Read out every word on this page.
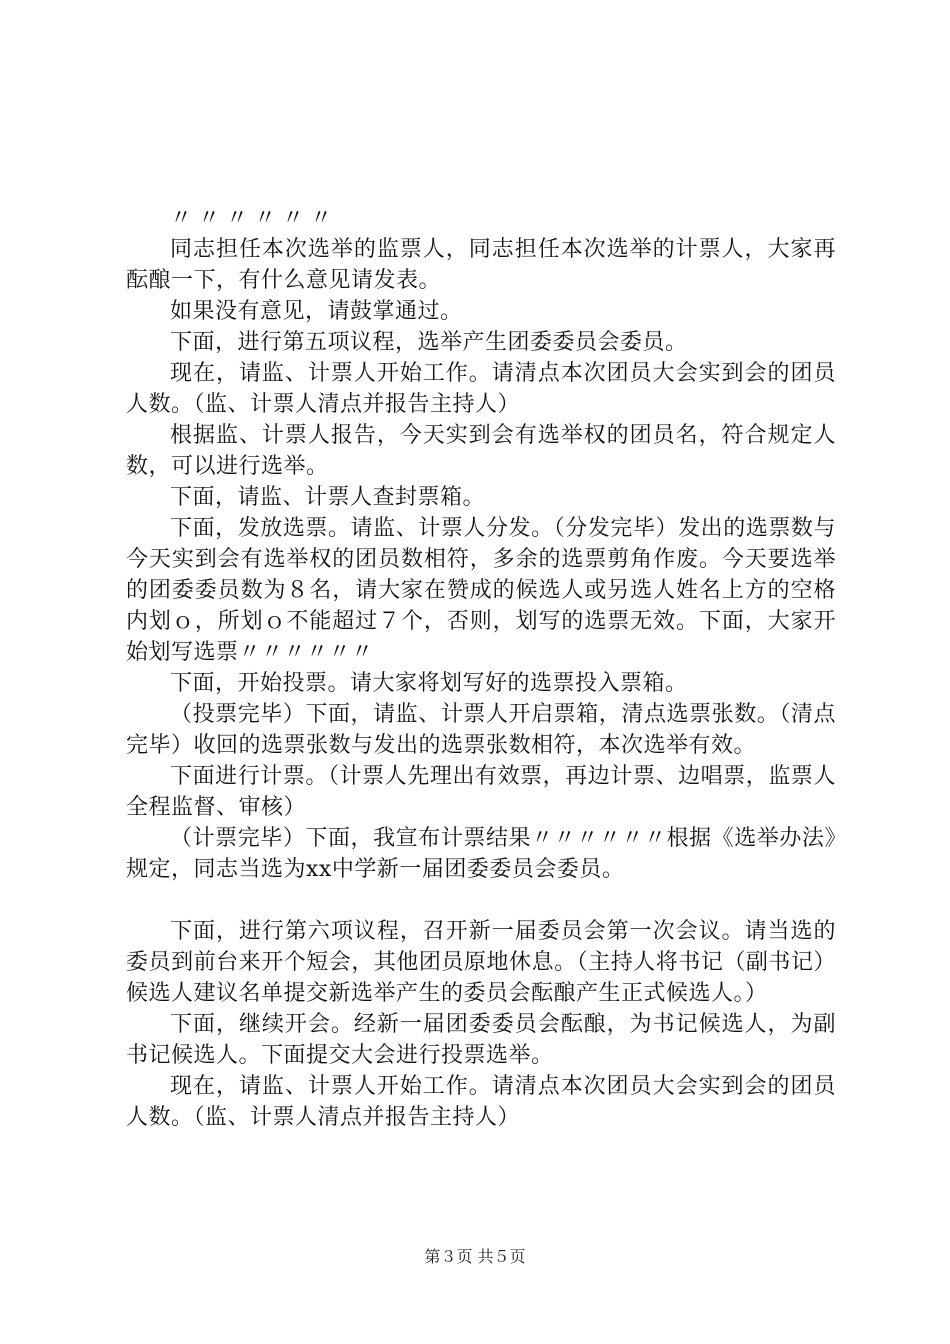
〃〃〃〃〃〃

同志担任本次选举的监票人，同志担任本次选举的计票人，大家再酝酿一下，有什么意见请发表。

如果没有意见，请鼓掌通过。

下面，进行第五项议程，选举产生团委委员会委员。

现在，请监、计票人开始工作。请清点本次团员大会实到会的团员人数。（监、计票人清点并报告主持人）

根据监、计票人报告，今天实到会有选举权的团员名，符合规定人数，可以进行选举。

下面，请监、计票人查封票箱。

下面，发放选票。请监、计票人分发。（分发完毕）发出的选票数与今天实到会有选举权的团员数相符，多余的选票剪角作废。今天要选举的团委委员数为８名，请大家在赞成的候选人或另选人姓名上方的空格内划ｏ，所划ｏ不能超过７个，否则，划写的选票无效。下面，大家开始划写选票〃〃〃〃〃〃

下面，开始投票。请大家将划写好的选票投入票箱。

（投票完毕）下面，请监、计票人开启票箱，清点选票张数。（清点完毕）收回的选票张数与发出的选票张数相符，本次选举有效。

下面进行计票。（计票人先理出有效票，再边计票、边唱票，监票人全程监督、审核）

（计票完毕）下面，我宣布计票结果〃〃〃〃〃〃根据《选举办法》规定，同志当选为xx中学新一届团委委员会委员。

下面，进行第六项议程，召开新一届委员会第一次会议。请当选的委员到前台来开个短会，其他团员原地休息。（主持人将书记（副书记）候选人建议名单提交新选举产生的委员会酝酿产生正式候选人。）

下面，继续开会。经新一届团委委员会酝酿，为书记候选人，为副书记候选人。下面提交大会进行投票选举。

现在，请监、计票人开始工作。请清点本次团员大会实到会的团员人数。（监、计票人清点并报告主持人）

第３页 共５页
